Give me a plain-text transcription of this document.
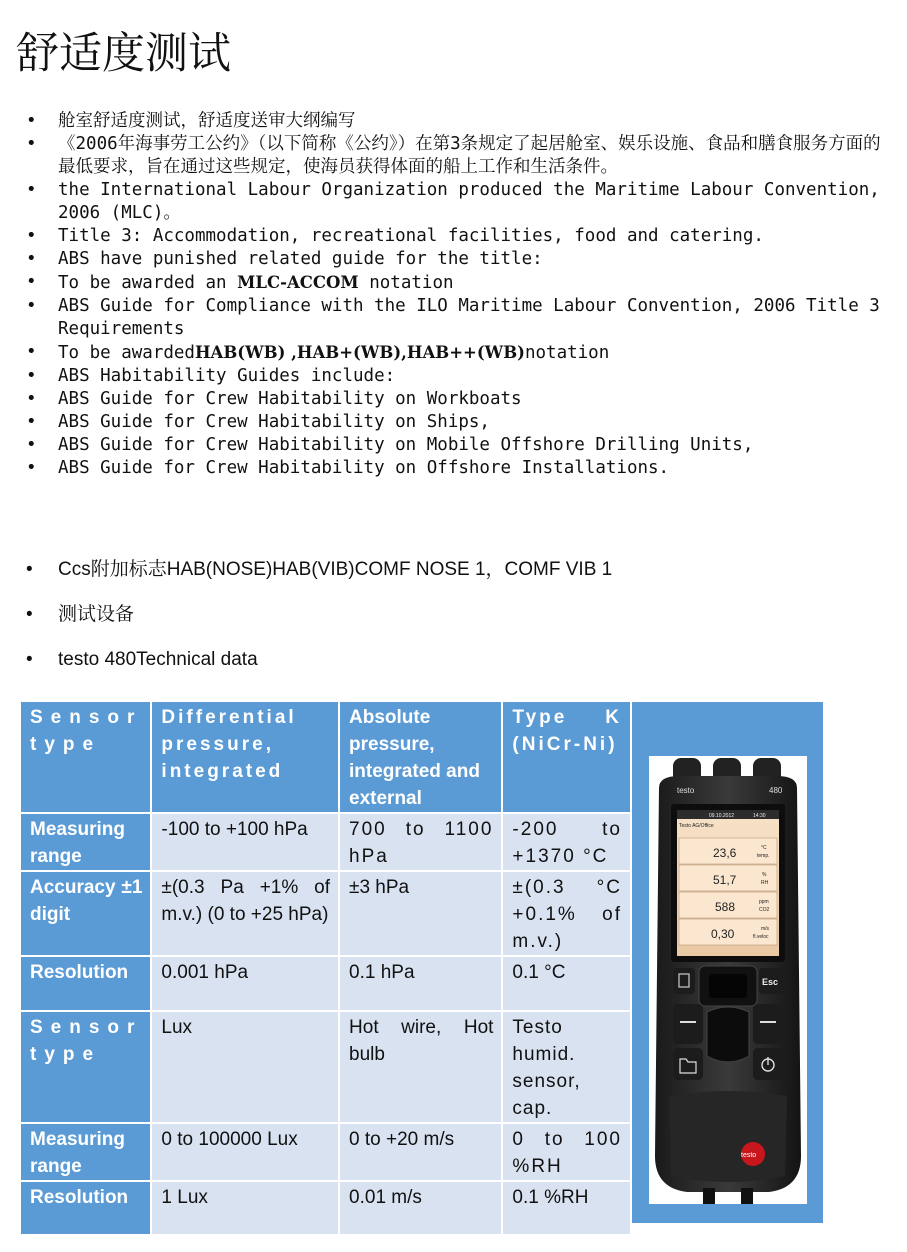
舒适度测试
• 舱室舒适度测试，舒适度送审大纲编写
• 《2006年海事劳工公约》（以下简称《公约》）在第3条规定了起居舱室、娱乐设施、食品和膳食服务方面的最低要求，旨在通过这些规定，使海员获得体面的船上工作和生活条件。
• the International Labour Organization produced the Maritime Labour Convention, 2006 (MLC)。
• Title 3: Accommodation, recreational facilities, food and catering.
• ABS have punished related guide for the title:
• To be awarded an MLC-ACCOM notation
• ABS Guide for Compliance with the ILO Maritime Labour Convention, 2006 Title 3 Requirements
• To be awardedHAB(WB) ,HAB+(WB),HAB++(WB)notation
• ABS Habitability Guides include:
• ABS Guide for Crew Habitability on Workboats
• ABS Guide for Crew Habitability on Ships,
• ABS Guide for Crew Habitability on Mobile Offshore Drilling Units,
• ABS Guide for Crew Habitability on Offshore Installations.
• Ccs附加标志HAB(NOSE)HAB(VIB)COMF NOSE 1，COMF VIB 1
• 测试设备
• testo 480Technical data
Sensor type	Differential pressure, integrated	Absolute pressure, integrated and external	Type K (NiCr-Ni)
Measuring range	-100 to +100 hPa	700 to 1100 hPa	-200 to +1370 °C
Accuracy ±1 digit	±(0.3 Pa +1% of m.v.) (0 to +25 hPa)	±3 hPa	±(0.3 °C +0.1% of m.v.)
Resolution	0.001 hPa	0.1 hPa	0.1 °C
Sensor type	Lux	Hot wire, Hot bulb	Testo humid. sensor, cap.
Measuring range	0 to 100000 Lux	0 to +20 m/s	0 to 100 %RH
Resolution	1 Lux	0.01 m/s	0.1 %RH
testo	480
09.10.2012	14:30
Testo AG/Office
23,6	°C
temp.
51,7	%
RH
588	ppm
CO2
0,30	m/s
fl.veloc
Esc
testo
